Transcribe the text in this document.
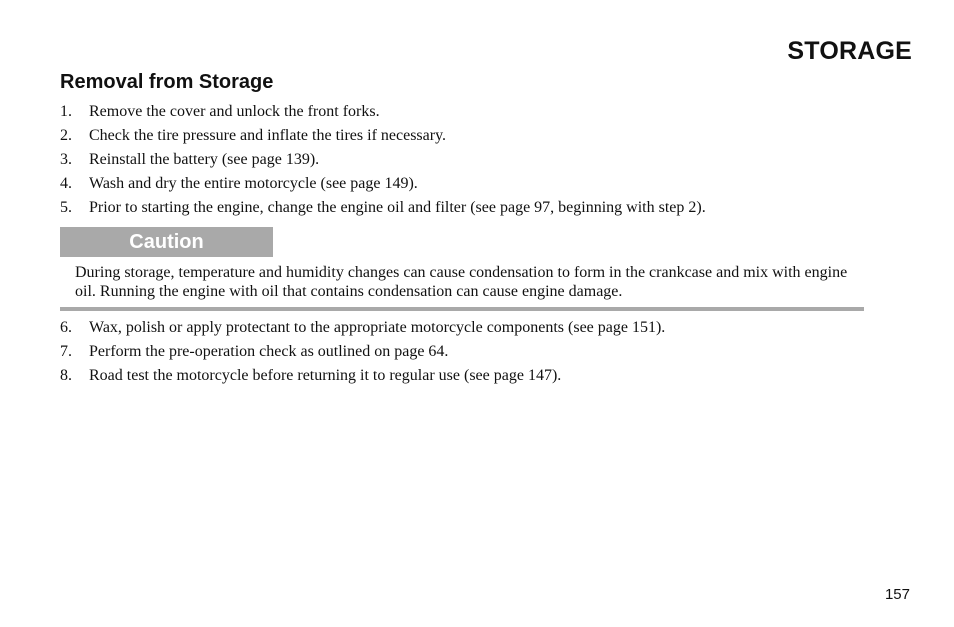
STORAGE
Removal from Storage
1.	Remove the cover and unlock the front forks.
2.	Check the tire pressure and inflate the tires if necessary.
3.	Reinstall the battery (see page 139).
4.	Wash and dry the entire motorcycle (see page 149).
5.	Prior to starting the engine, change the engine oil and filter (see page 97, beginning with step 2).
Caution

During storage, temperature and humidity changes can cause condensation to form in the crankcase and mix with engine oil. Running the engine with oil that contains condensation can cause engine damage.

6.	Wax, polish or apply protectant to the appropriate motorcycle components (see page 151).
7.	Perform the pre-operation check as outlined on page 64.
8.	Road test the motorcycle before returning it to regular use (see page 147).
157
